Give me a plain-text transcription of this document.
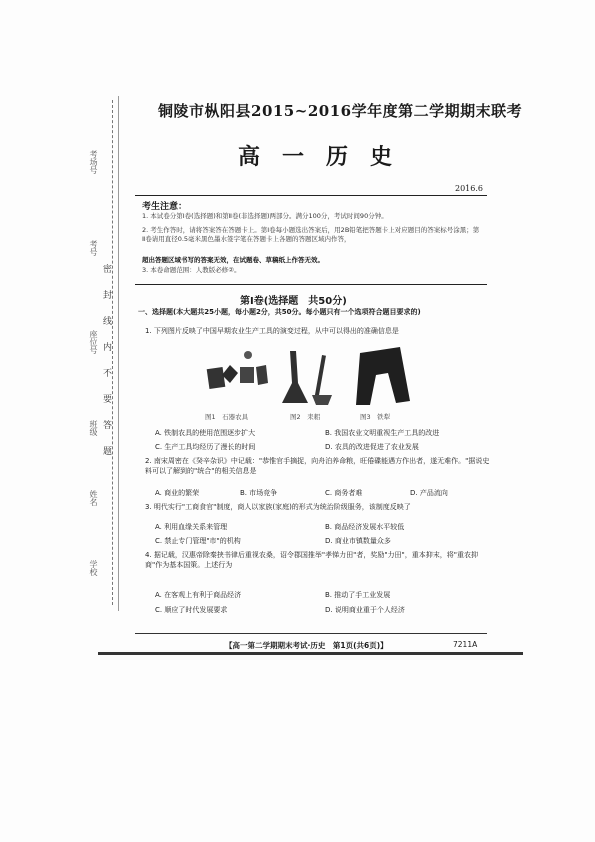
考场号
考号
座位号
班级
姓名
学校
密
封
线
内
不
要
答
题
铜陵市枞阳县2015~2016学年度第二学期期末联考
高一历史
2016.6
考生注意：
1. 本试卷分第Ⅰ卷(选择题)和第Ⅱ卷(非选择题)两部分。满分100分，考试时间90分钟。
2. 考生作答时，请将答案答在答题卡上。第Ⅰ卷每小题选出答案后，用2B铅笔把答题卡上对应题目的答案标号涂黑；第Ⅱ卷请用直径0.5毫米黑色墨水签字笔在答题卡上各题的答题区域内作答，
超出答题区域书写的答案无效，在试题卷、草稿纸上作答无效。
3. 本卷命题范围：人教版必修②。
第Ⅰ卷(选择题　共50分)
一、选择题(本大题共25小题，每小题2分，共50分。每小题只有一个选项符合题目要求的)
1. 下列图片反映了中国早期农业生产工具的演变过程，从中可以得出的准确信息是
图1　石器农具	图2　耒耜	图3　铁犁
A. 铁制农具的使用范围逐步扩大	B. 我国农业文明重视生产工具的改进
C. 生产工具均经历了漫长的时间	D. 农具的改进促进了农业发展
2. 南宋周密在《癸辛杂识》中记载："恭惟官手摘捉，向舟泊养命粮，旺倦碟能遇方作出者，遂无难作。"据说史料可以了解到的"统合"的相关信息是
A. 商业的繁荣	B. 市场竞争	C. 商务者难	D. 产品流向
3. 明代实行"工商食官"制度，商人以家族(家庭)的形式为统治阶级服务，该制度反映了
A. 利用血缘关系来管理	B. 商品经济发展水平较低
C. 禁止专门管理"市"的机构	D. 商业市镇数量众多
4. 据记载，汉惠帝除秦挟书律后重视农桑，诏令郡国推举"孝悌力田"者，奖励"力田"，重本抑末，将"重农抑商"作为基本国策。上述行为
A. 在客观上有利于商品经济	B. 推动了手工业发展
C. 顺应了时代发展要求	D. 说明商业重于个人经济
【高一第二学期期末考试·历史　第1页(共6页)】	7211A
